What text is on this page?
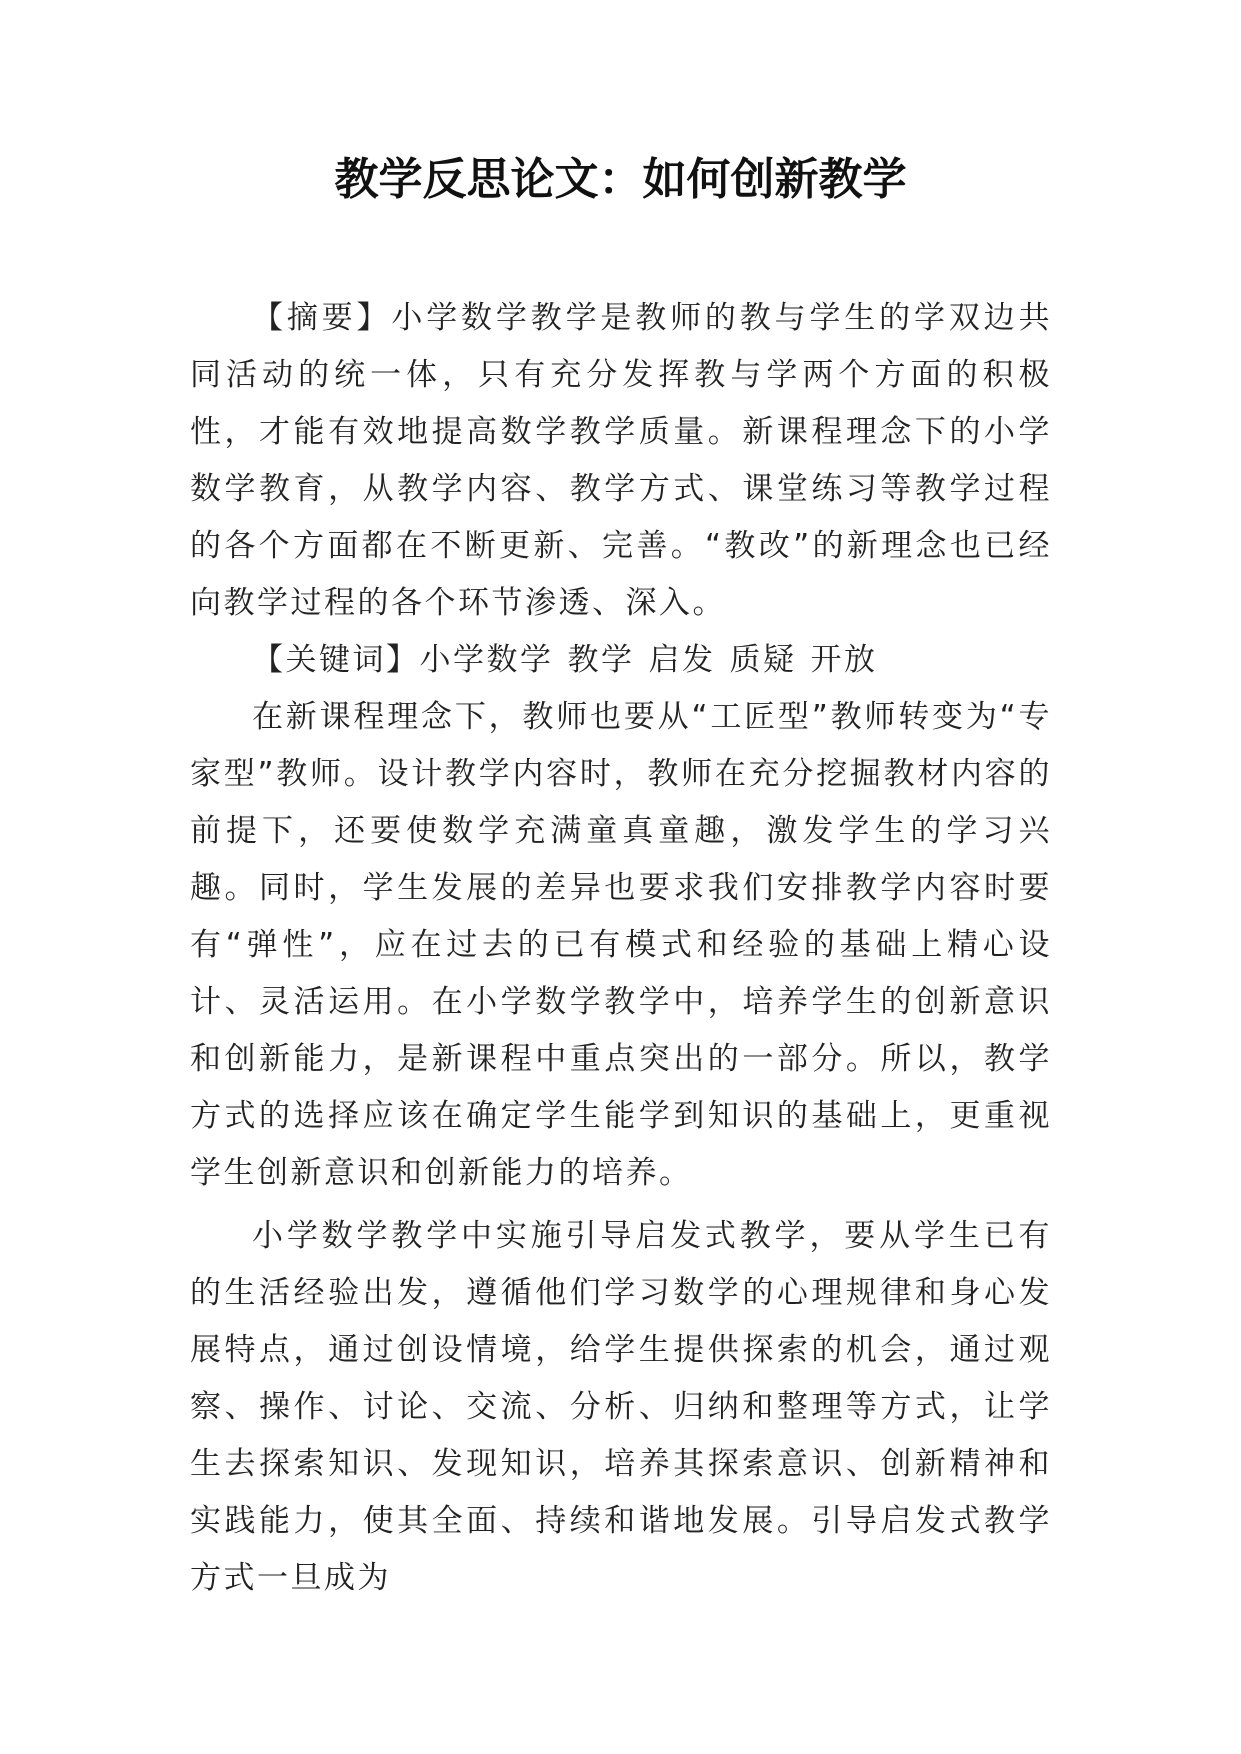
教学反思论文：如何创新教学

【摘要】小学数学教学是教师的教与学生的学双边共同活动的统一体，只有充分发挥教与学两个方面的积极性，才能有效地提高数学教学质量。新课程理念下的小学数学教育，从教学内容、教学方式、课堂练习等教学过程的各个方面都在不断更新、完善。“教改”的新理念也已经向教学过程的各个环节渗透、深入。

【关键词】小学数学 教学 启发 质疑 开放

在新课程理念下，教师也要从“工匠型”教师转变为“专家型”教师。设计教学内容时，教师在充分挖掘教材内容的前提下，还要使数学充满童真童趣，激发学生的学习兴趣。同时，学生发展的差异也要求我们安排教学内容时要有“弹性”，应在过去的已有模式和经验的基础上精心设计、灵活运用。在小学数学教学中，培养学生的创新意识和创新能力，是新课程中重点突出的一部分。所以，教学方式的选择应该在确定学生能学到知识的基础上，更重视学生创新意识和创新能力的培养。

小学数学教学中实施引导启发式教学，要从学生已有的生活经验出发，遵循他们学习数学的心理规律和身心发展特点，通过创设情境，给学生提供探索的机会，通过观察、操作、讨论、交流、分析、归纳和整理等方式，让学生去探索知识、发现知识，培养其探索意识、创新精神和实践能力，使其全面、持续和谐地发展。引导启发式教学方式一旦成为
